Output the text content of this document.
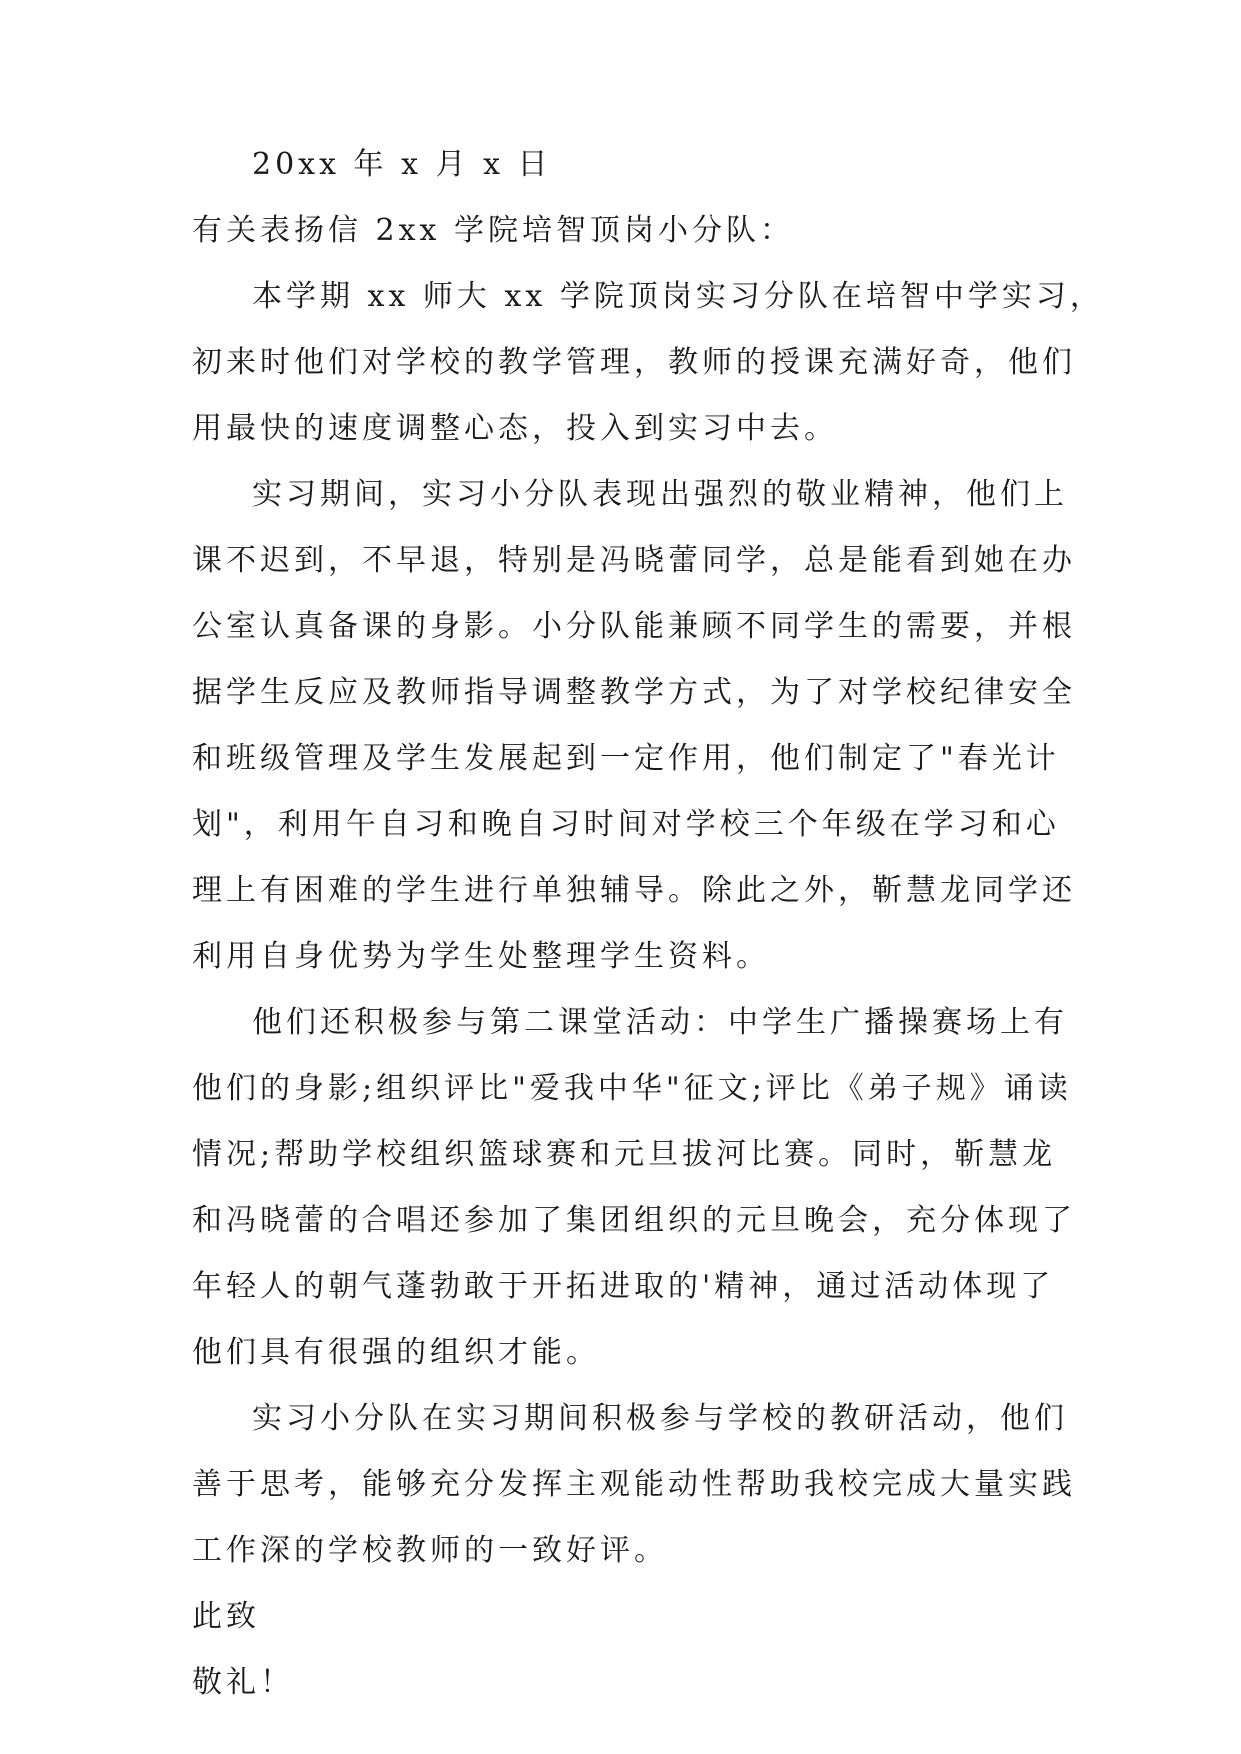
20xx 年 x 月 x 日
有关表扬信 2xx 学院培智顶岗小分队：
本学期 xx 师大 xx 学院顶岗实习分队在培智中学实习，
初来时他们对学校的教学管理，教师的授课充满好奇，他们
用最快的速度调整心态，投入到实习中去。
实习期间，实习小分队表现出强烈的敬业精神，他们上
课不迟到，不早退，特别是冯晓蕾同学，总是能看到她在办
公室认真备课的身影。小分队能兼顾不同学生的需要，并根
据学生反应及教师指导调整教学方式，为了对学校纪律安全
和班级管理及学生发展起到一定作用，他们制定了"春光计
划"，利用午自习和晚自习时间对学校三个年级在学习和心
理上有困难的学生进行单独辅导。除此之外，靳慧龙同学还
利用自身优势为学生处整理学生资料。
他们还积极参与第二课堂活动：中学生广播操赛场上有
他们的身影;组织评比"爱我中华"征文;评比《弟子规》诵读
情况;帮助学校组织篮球赛和元旦拔河比赛。同时，靳慧龙
和冯晓蕾的合唱还参加了集团组织的元旦晚会，充分体现了
年轻人的朝气蓬勃敢于开拓进取的'精神，通过活动体现了
他们具有很强的组织才能。
实习小分队在实习期间积极参与学校的教研活动，他们
善于思考，能够充分发挥主观能动性帮助我校完成大量实践
工作深的学校教师的一致好评。
此致
敬礼！
